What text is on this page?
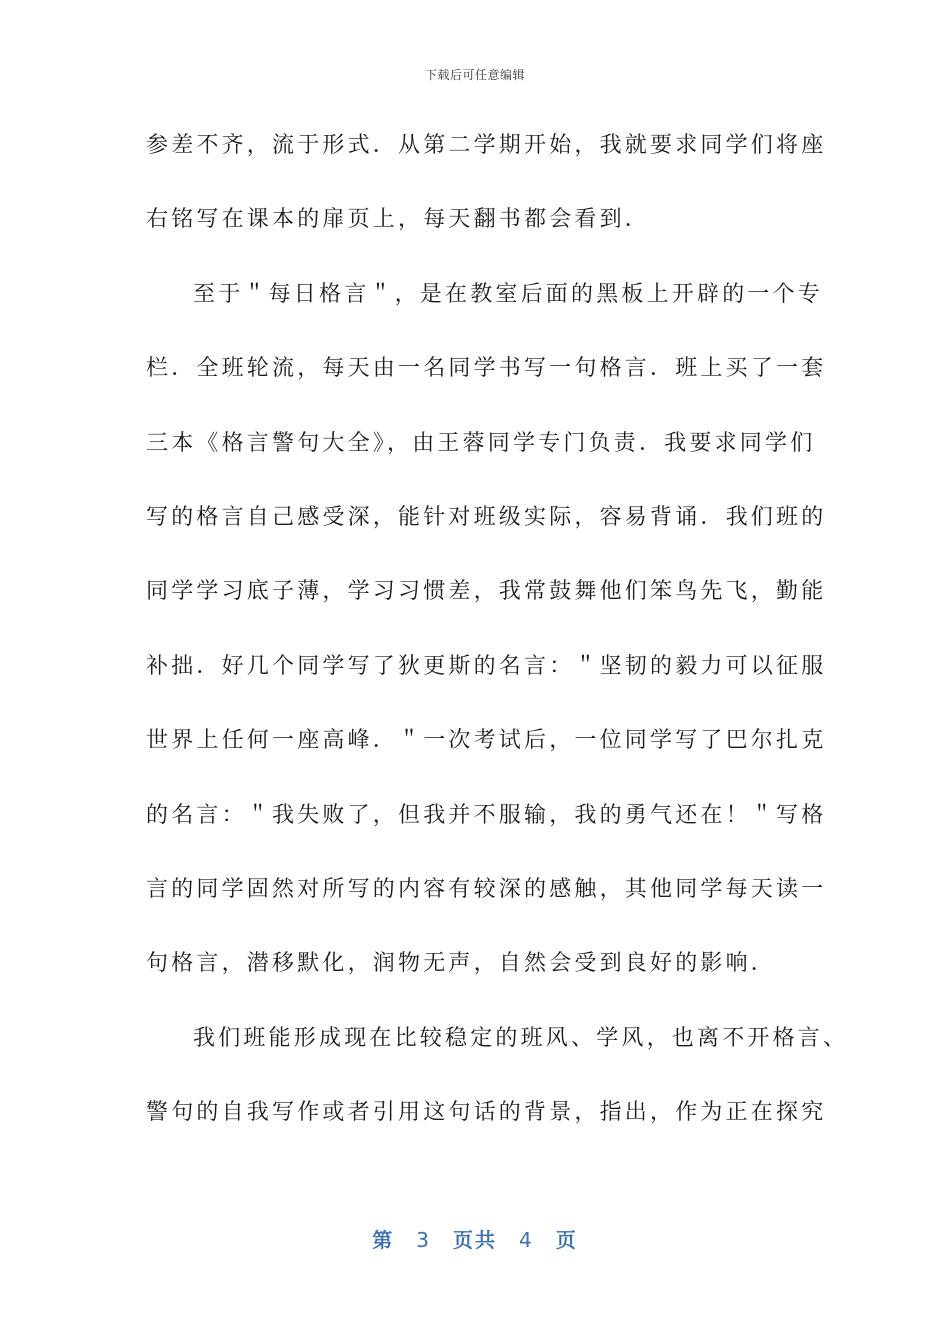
下载后可任意编辑
参差不齐，流于形式．从第二学期开始，我就要求同学们将座
右铭写在课本的扉页上，每天翻书都会看到．
至于＂每日格言＂，是在教室后面的黑板上开辟的一个专
栏．全班轮流，每天由一名同学书写一句格言．班上买了一套
三本《格言警句大全》，由王蓉同学专门负责．我要求同学们
写的格言自己感受深，能针对班级实际，容易背诵．我们班的
同学学习底子薄，学习习惯差，我常鼓舞他们笨鸟先飞，勤能
补拙．好几个同学写了狄更斯的名言：＂坚韧的毅力可以征服
世界上任何一座高峰．＂一次考试后，一位同学写了巴尔扎克
的名言：＂我失败了，但我并不服输，我的勇气还在！＂写格
言的同学固然对所写的内容有较深的感触，其他同学每天读一
句格言，潜移默化，润物无声，自然会受到良好的影响．
我们班能形成现在比较稳定的班风、学风，也离不开格言、
警句的自我写作或者引用这句话的背景，指出，作为正在探究
第 3 页共 4 页
